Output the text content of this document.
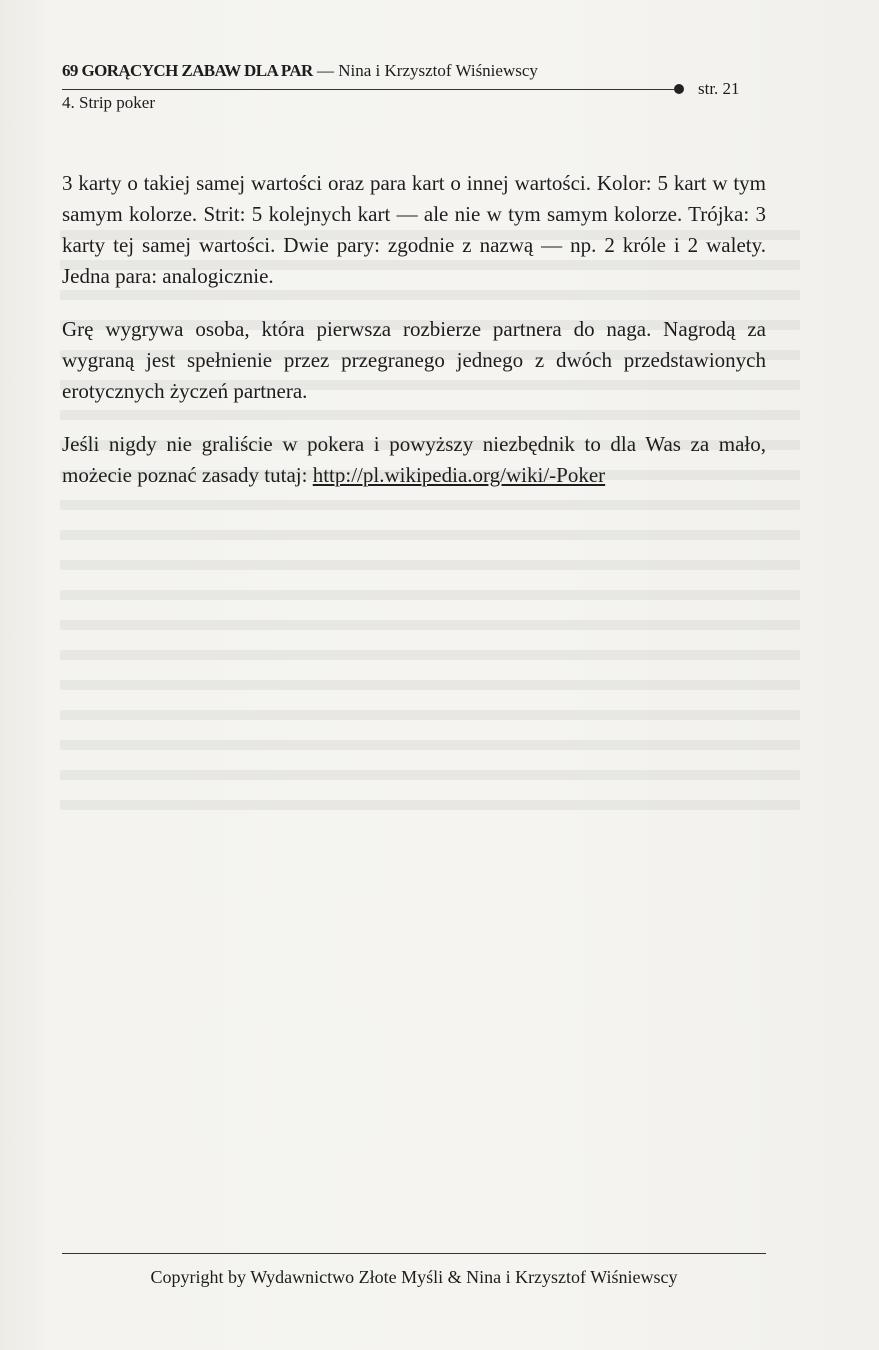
69 GORĄCYCH ZABAW DLA PAR — Nina i Krzysztof Wiśniewscy
str. 21
4. Strip poker

3 karty o takiej samej wartości oraz para kart o innej wartości. Kolor: 5 kart w tym samym kolorze. Strit: 5 kolejnych kart — ale nie w tym samym kolorze. Trójka: 3 karty tej samej wartości. Dwie pary: zgodnie z nazwą — np. 2 króle i 2 walety. Jedna para: analogicznie.

Grę wygrywa osoba, która pierwsza rozbierze partnera do naga. Nagrodą za wygraną jest spełnienie przez przegranego jednego z dwóch przedstawionych erotycznych życzeń partnera.

Jeśli nigdy nie graliście w pokera i powyższy niezbędnik to dla Was za mało, możecie poznać zasady tutaj: http://pl.wikipedia.org/wiki/-Poker

Copyright by Wydawnictwo Złote Myśli & Nina i Krzysztof Wiśniewscy
